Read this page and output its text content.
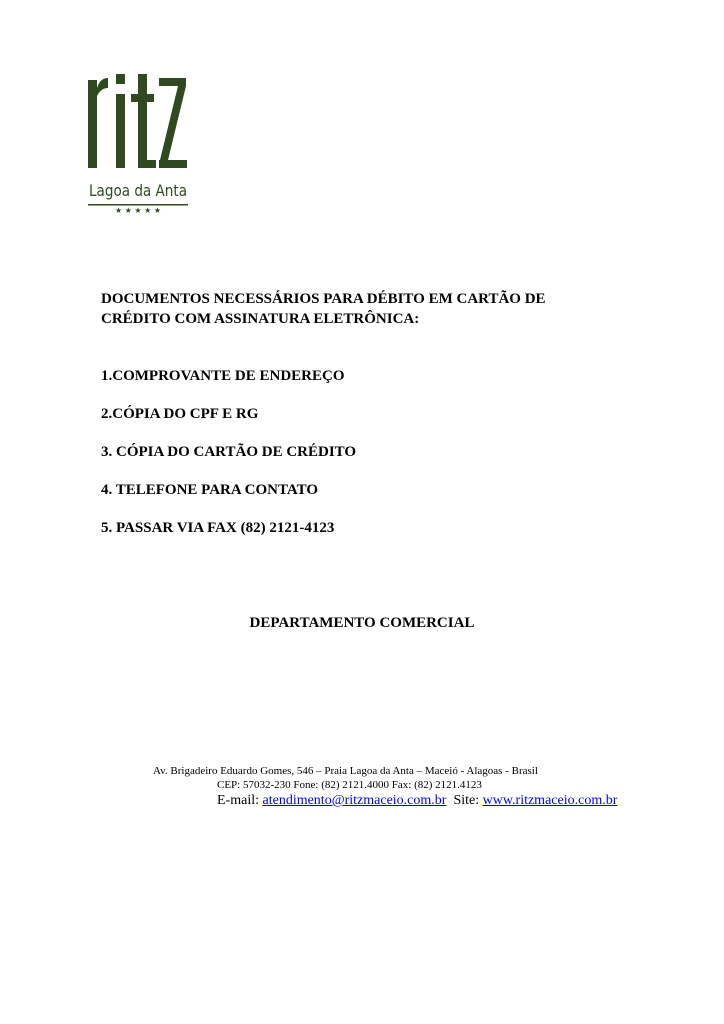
Lagoa da Anta
★ ★ ★ ★ ★
DOCUMENTOS NECESSÁRIOS PARA DÉBITO EM CARTÃO DE
CRÉDITO COM ASSINATURA ELETRÔNICA:
1.COMPROVANTE DE ENDEREÇO
2.CÓPIA DO CPF E RG
3. CÓPIA DO CARTÃO DE CRÉDITO
4. TELEFONE PARA CONTATO
5. PASSAR VIA FAX (82) 2121-4123
DEPARTAMENTO COMERCIAL
Av. Brigadeiro Eduardo Gomes, 546 – Praia Lagoa da Anta – Maceió - Alagoas - Brasil
CEP: 57032-230 Fone: (82) 2121.4000 Fax: (82) 2121.4123
E-mail: atendimento@ritzmaceio.com.br  Site: www.ritzmaceio.com.br
